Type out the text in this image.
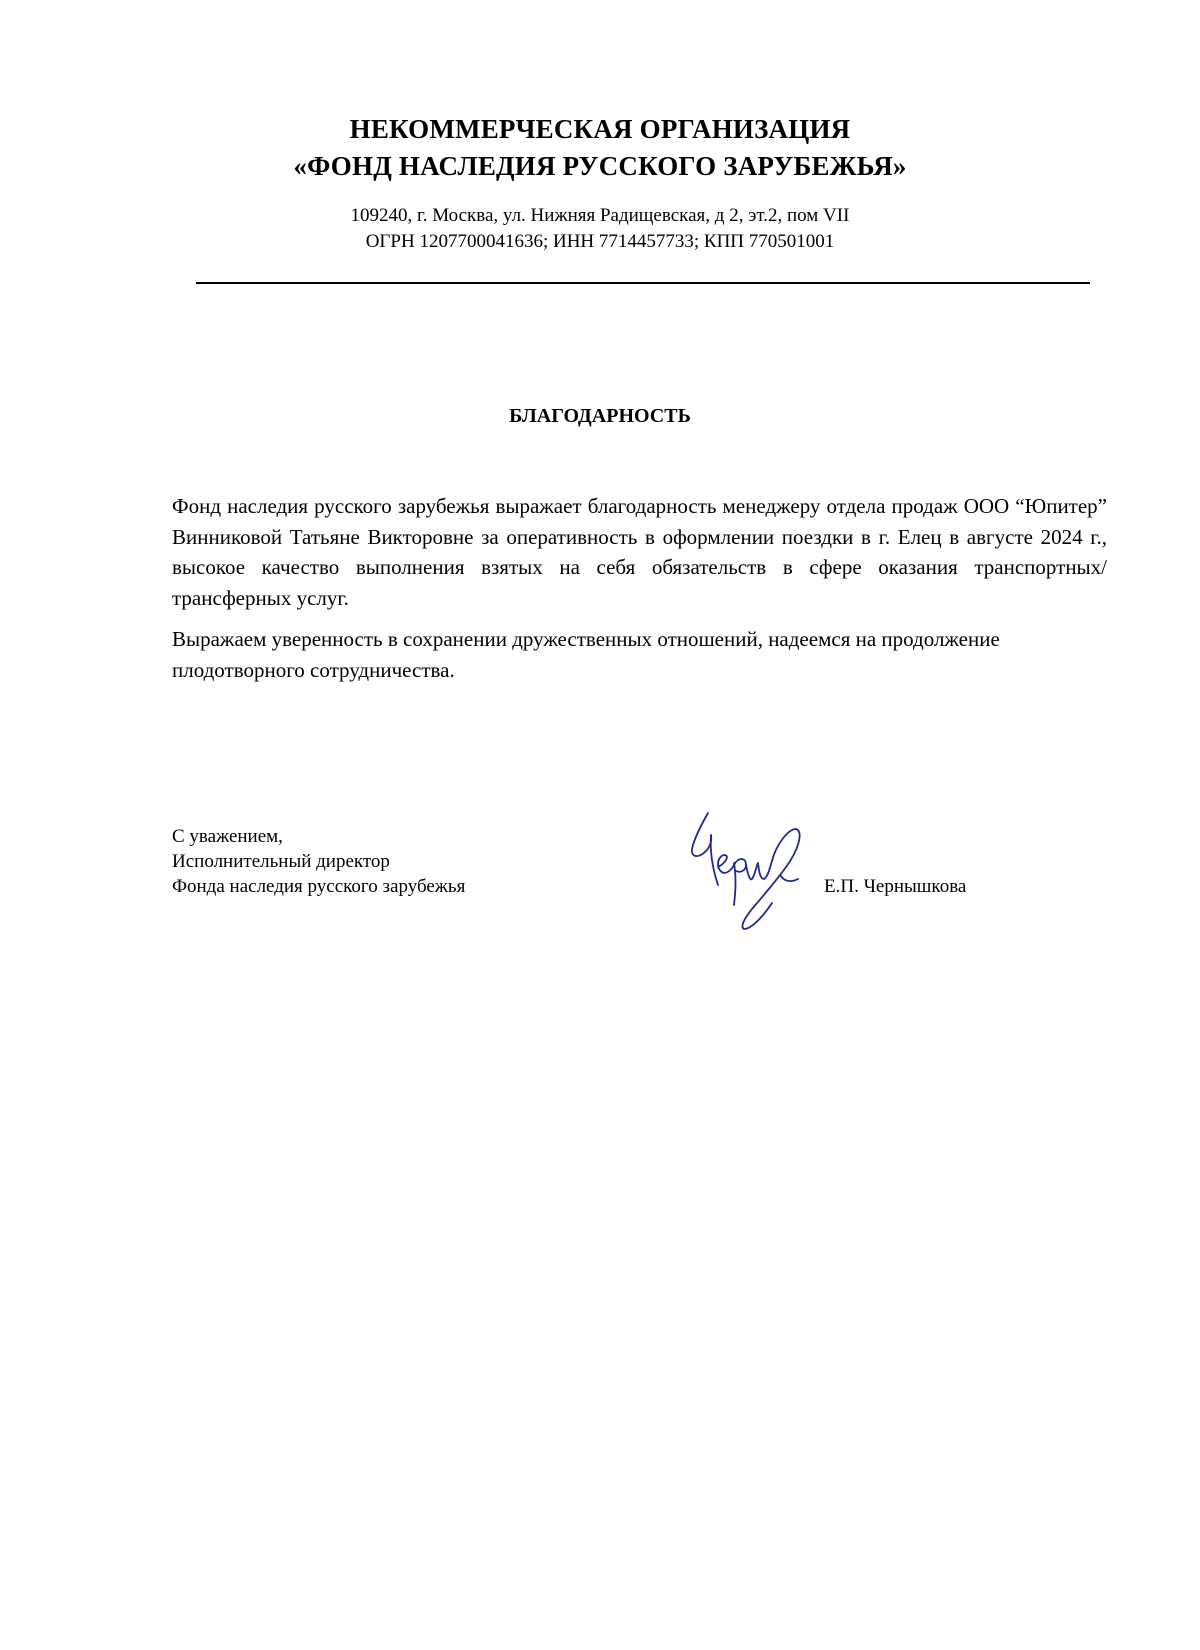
НЕКОММЕРЧЕСКАЯ ОРГАНИЗАЦИЯ
«ФОНД НАСЛЕДИЯ РУССКОГО ЗАРУБЕЖЬЯ»
109240, г. Москва, ул. Нижняя Радищевская, д 2, эт.2, пом VII
ОГРН 1207700041636; ИНН 7714457733; КПП 770501001
БЛАГОДАРНОСТЬ
Фонд наследия русского зарубежья выражает благодарность менеджеру отдела продаж ООО “Юпитер” Винниковой Татьяне Викторовне за оперативность в оформлении поездки в г. Елец в августе 2024 г., высокое качество выполнения взятых на себя обязательств в сфере оказания транспортных/ трансферных услуг.
Выражаем уверенность в сохранении дружественных отношений, надеемся на продолжение плодотворного сотрудничества.
С уважением,
Исполнительный директор
Фонда наследия русского зарубежья	Е.П. Чернышкова
